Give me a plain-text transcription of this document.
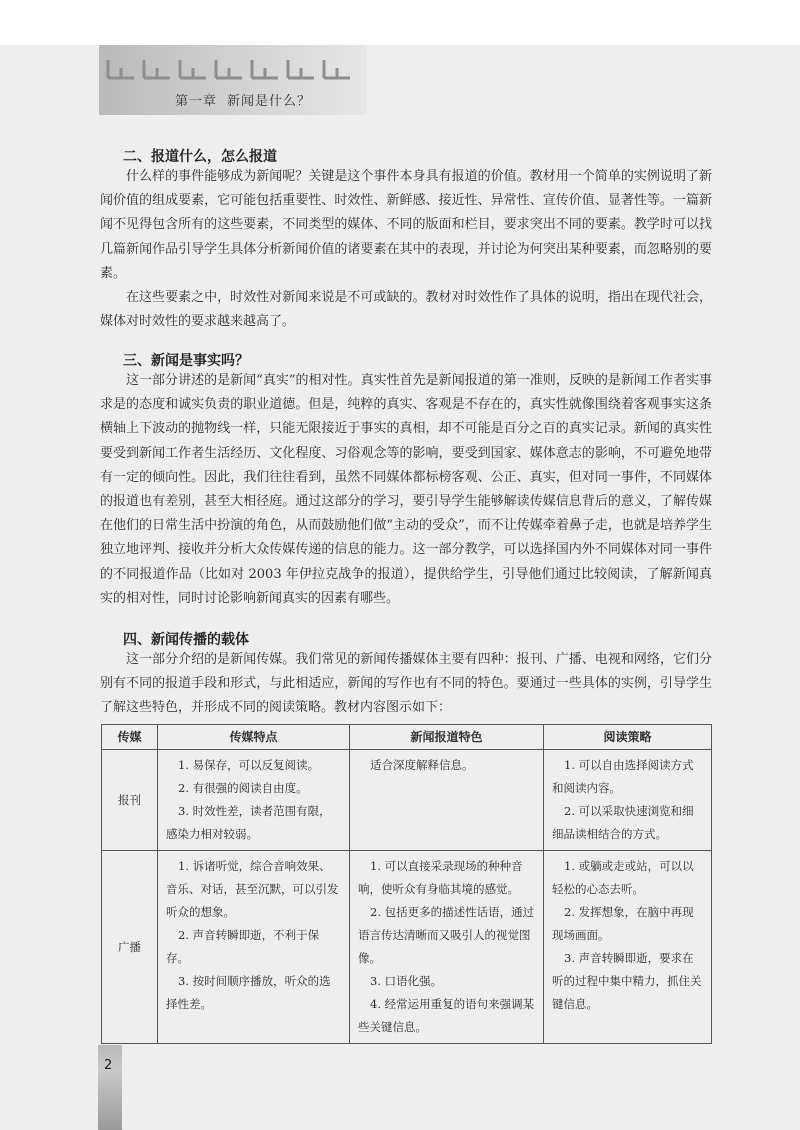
第一章 新闻是什么？
二、报道什么，怎么报道
什么样的事件能够成为新闻呢？关键是这个事件本身具有报道的价值。教材用一个简单的实例说明了新闻价值的组成要素，它可能包括重要性、时效性、新鲜感、接近性、异常性、宣传价值、显著性等。一篇新闻不见得包含所有的这些要素，不同类型的媒体、不同的版面和栏目，要求突出不同的要素。教学时可以找几篇新闻作品引导学生具体分析新闻价值的诸要素在其中的表现，并讨论为何突出某种要素，而忽略别的要素。
在这些要素之中，时效性对新闻来说是不可或缺的。教材对时效性作了具体的说明，指出在现代社会，媒体对时效性的要求越来越高了。
三、新闻是事实吗？
这一部分讲述的是新闻“真实”的相对性。真实性首先是新闻报道的第一准则，反映的是新闻工作者实事求是的态度和诚实负责的职业道德。但是，纯粹的真实、客观是不存在的，真实性就像围绕着客观事实这条横轴上下波动的抛物线一样，只能无限接近于事实的真相，却不可能是百分之百的真实记录。新闻的真实性要受到新闻工作者生活经历、文化程度、习俗观念等的影响，要受到国家、媒体意志的影响，不可避免地带有一定的倾向性。因此，我们往往看到，虽然不同媒体都标榜客观、公正、真实，但对同一事件，不同媒体的报道也有差别，甚至大相径庭。通过这部分的学习，要引导学生能够解读传媒信息背后的意义，了解传媒在他们的日常生活中扮演的角色，从而鼓励他们做“主动的受众”，而不让传媒牵着鼻子走，也就是培养学生独立地评判、接收并分析大众传媒传递的信息的能力。这一部分教学，可以选择国内外不同媒体对同一事件的不同报道作品（比如对 2003 年伊拉克战争的报道），提供给学生，引导他们通过比较阅读，了解新闻真实的相对性，同时讨论影响新闻真实的因素有哪些。
四、新闻传播的载体
这一部分介绍的是新闻传媒。我们常见的新闻传播媒体主要有四种：报刊、广播、电视和网络，它们分别有不同的报道手段和形式，与此相适应，新闻的写作也有不同的特色。要通过一些具体的实例，引导学生了解这些特色，并形成不同的阅读策略。教材内容图示如下：
传媒	传媒特点	新闻报道特色	阅读策略
报刊	1. 易保存，可以反复阅读。
2. 有很强的阅读自由度。
3. 时效性差，读者范围有限，感染力相对较弱。	适合深度解释信息。	1. 可以自由选择阅读方式和阅读内容。
2. 可以采取快速浏览和细细品读相结合的方式。

广播	1. 诉诸听觉，综合音响效果、音乐、对话，甚至沉默，可以引发听众的想象。
2. 声音转瞬即逝，不利于保存。
3. 按时间顺序播放，听众的选择性差。	1. 可以直接采录现场的种种音响，使听众有身临其境的感觉。
2. 包括更多的描述性话语，通过语言传达清晰而又吸引人的视觉图像。
3. 口语化强。
4. 经常运用重复的语句来强调某些关键信息。	1. 或躺或走或站，可以以轻松的心态去听。
2. 发挥想象，在脑中再现现场画面。
3. 声音转瞬即逝，要求在听的过程中集中精力，抓住关键信息。
2
